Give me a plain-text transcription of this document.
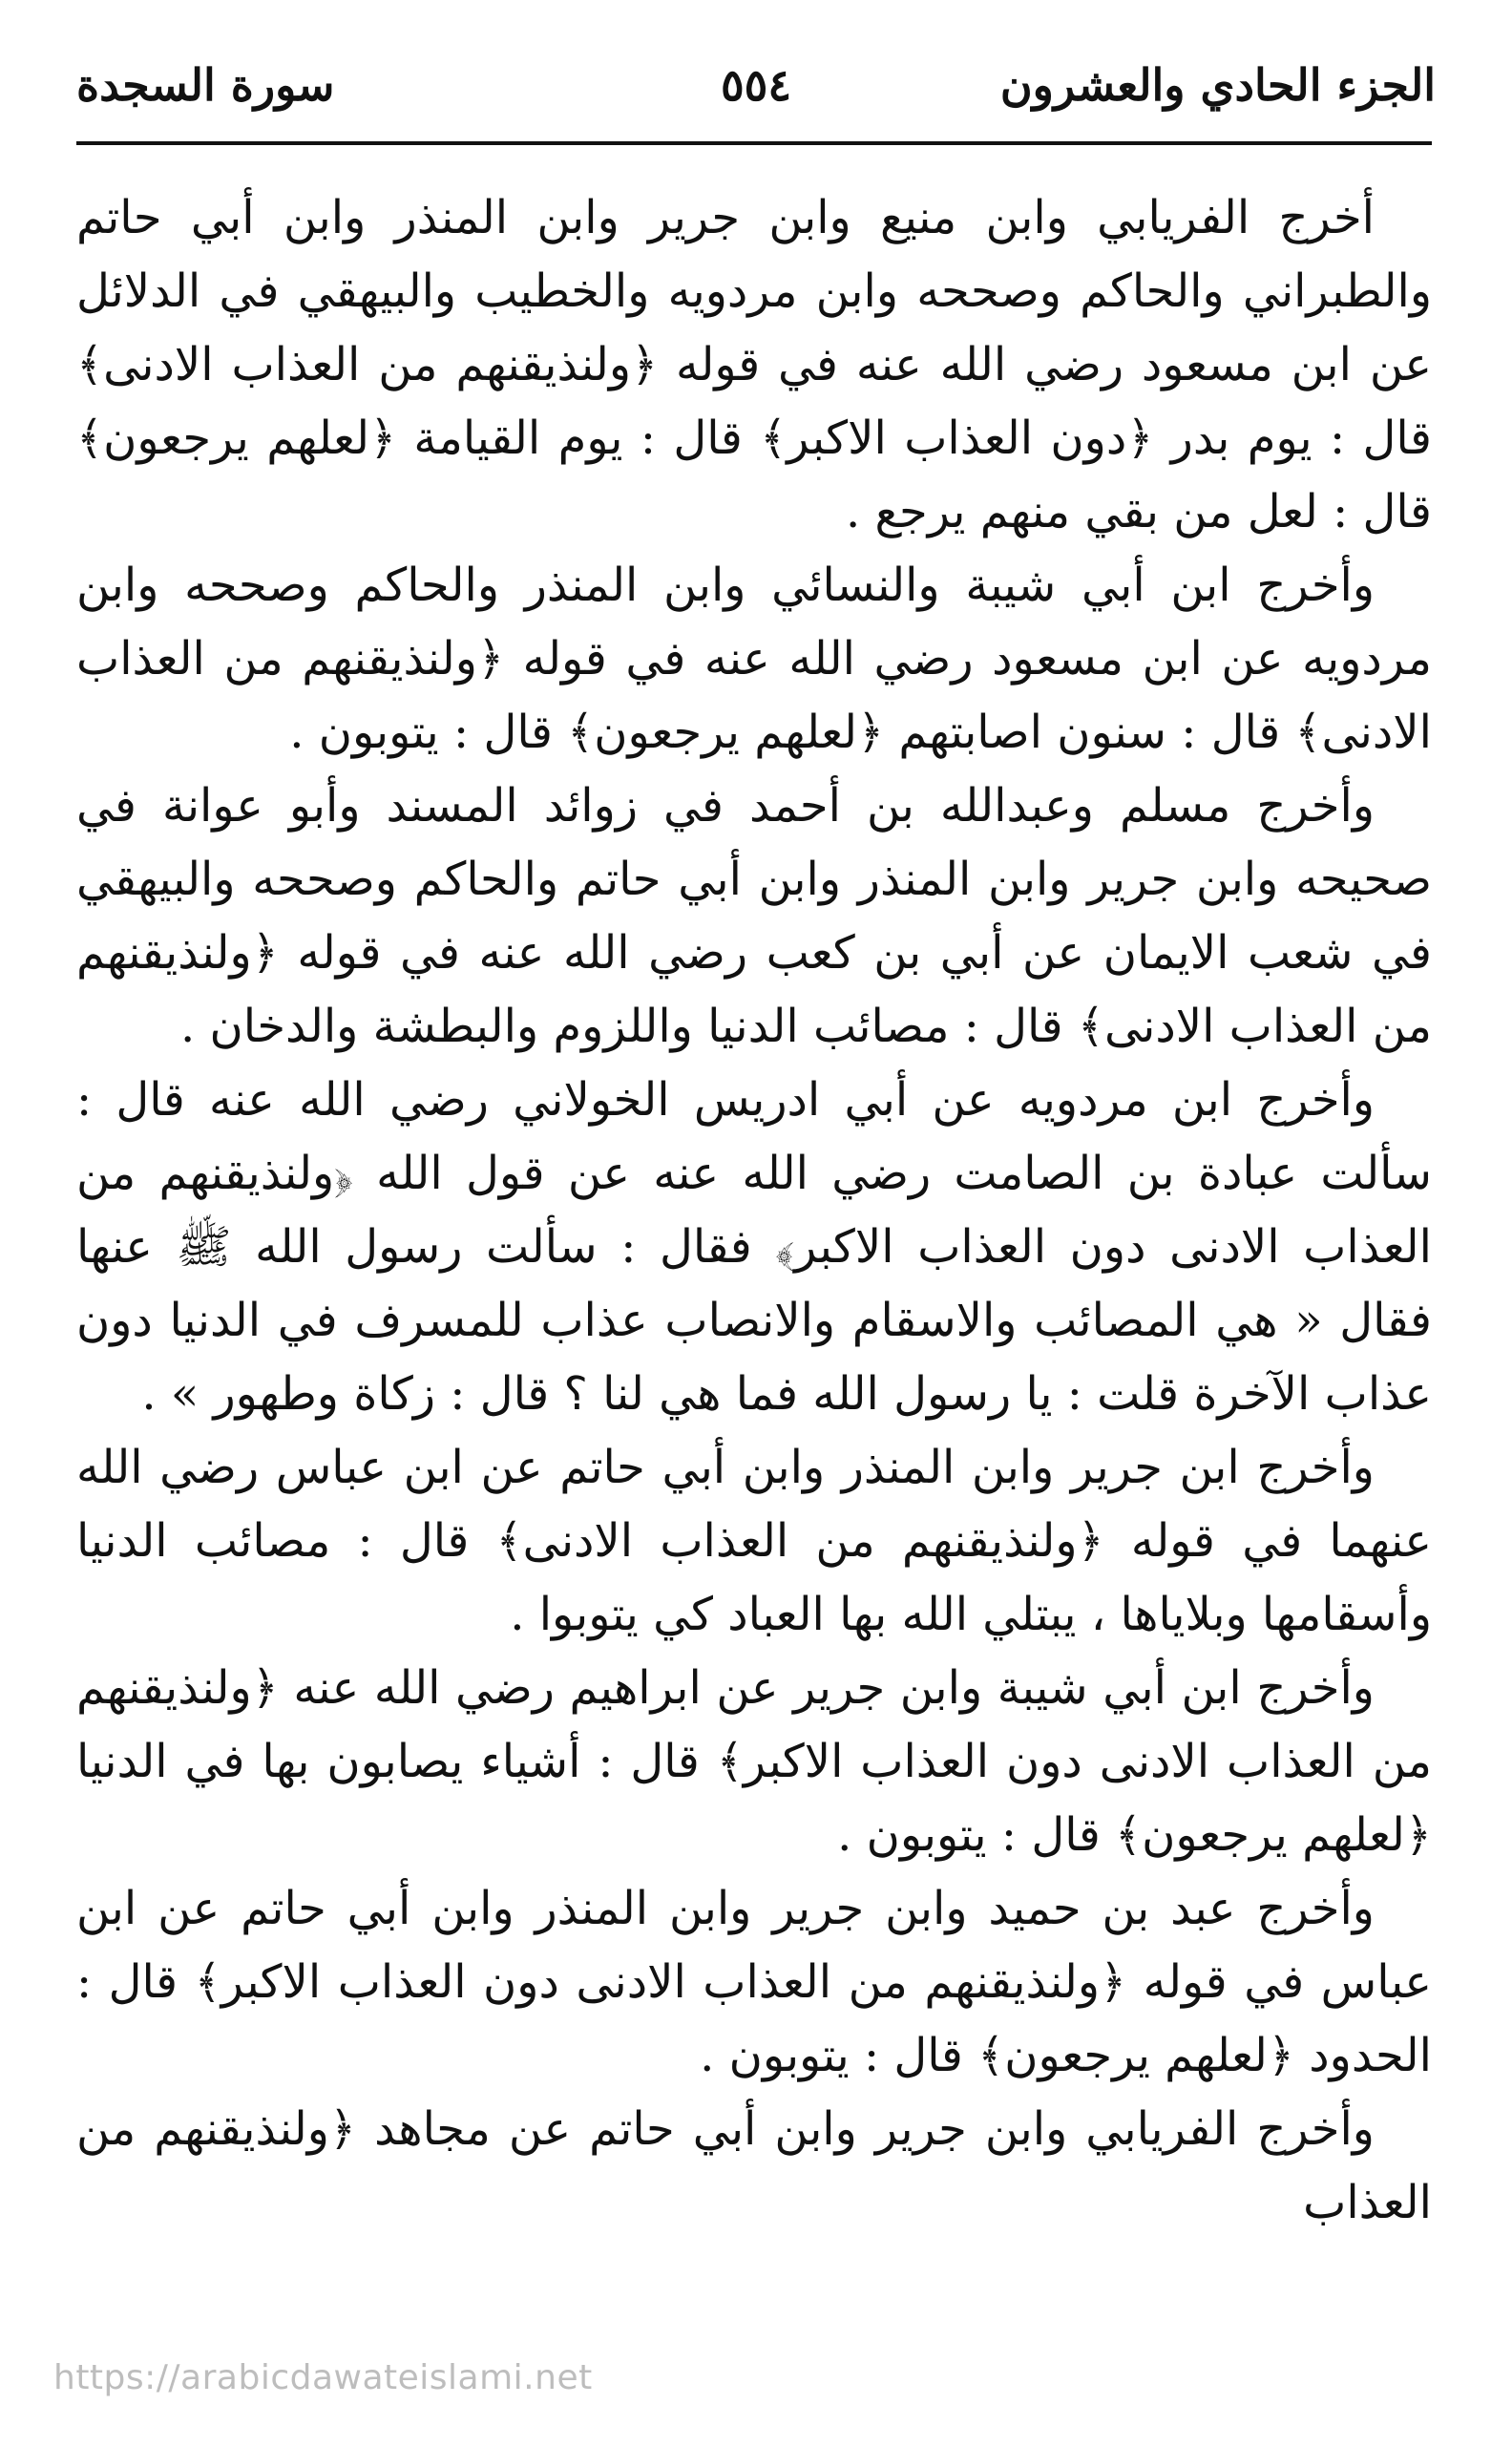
الجزء الحادي والعشرون
٥٥٤
سورة السجدة

أخرج الفريابي وابن منيع وابن جرير وابن المنذر وابن أبي حاتم والطبراني والحاكم وصححه وابن مردويه والخطيب والبيهقي في الدلائل عن ابن مسعود رضي الله عنه في قوله ﴿ولنذيقنهم من العذاب الادنى﴾ قال : يوم بدر ﴿دون العذاب الاكبر﴾ قال : يوم القيامة ﴿لعلهم يرجعون﴾ قال : لعل من بقي منهم يرجع .

وأخرج ابن أبي شيبة والنسائي وابن المنذر والحاكم وصححه وابن مردويه عن ابن مسعود رضي الله عنه في قوله ﴿ولنذيقنهم من العذاب الادنى﴾ قال : سنون اصابتهم ﴿لعلهم يرجعون﴾ قال : يتوبون .

وأخرج مسلم وعبدالله بن أحمد في زوائد المسند وأبو عوانة في صحيحه وابن جرير وابن المنذر وابن أبي حاتم والحاكم وصححه والبيهقي في شعب الايمان عن أبي بن كعب رضي الله عنه في قوله ﴿ولنذيقنهم من العذاب الادنى﴾ قال : مصائب الدنيا واللزوم والبطشة والدخان .

وأخرج ابن مردويه عن أبي ادريس الخولاني رضي الله عنه قال : سألت عبادة بن الصامت رضي الله عنه عن قول الله ﴿ولنذيقنهم من العذاب الادنى دون العذاب الاكبر﴾ فقال : سألت رسول الله ﷺ عنها فقال « هي المصائب والاسقام والانصاب عذاب للمسرف في الدنيا دون عذاب الآخرة قلت : يا رسول الله فما هي لنا ؟ قال : زكاة وطهور » .

وأخرج ابن جرير وابن المنذر وابن أبي حاتم عن ابن عباس رضي الله عنهما في قوله ﴿ولنذيقنهم من العذاب الادنى﴾ قال : مصائب الدنيا وأسقامها وبلاياها ، يبتلي الله بها العباد كي يتوبوا .

وأخرج ابن أبي شيبة وابن جرير عن ابراهيم رضي الله عنه ﴿ولنذيقنهم من العذاب الادنى دون العذاب الاكبر﴾ قال : أشياء يصابون بها في الدنيا ﴿لعلهم يرجعون﴾ قال : يتوبون .

وأخرج عبد بن حميد وابن جرير وابن المنذر وابن أبي حاتم عن ابن عباس في قوله ﴿ولنذيقنهم من العذاب الادنى دون العذاب الاكبر﴾ قال : الحدود ﴿لعلهم يرجعون﴾ قال : يتوبون .

وأخرج الفريابي وابن جرير وابن أبي حاتم عن مجاهد ﴿ولنذيقنهم من العذاب

https://arabicdawateislami.net
